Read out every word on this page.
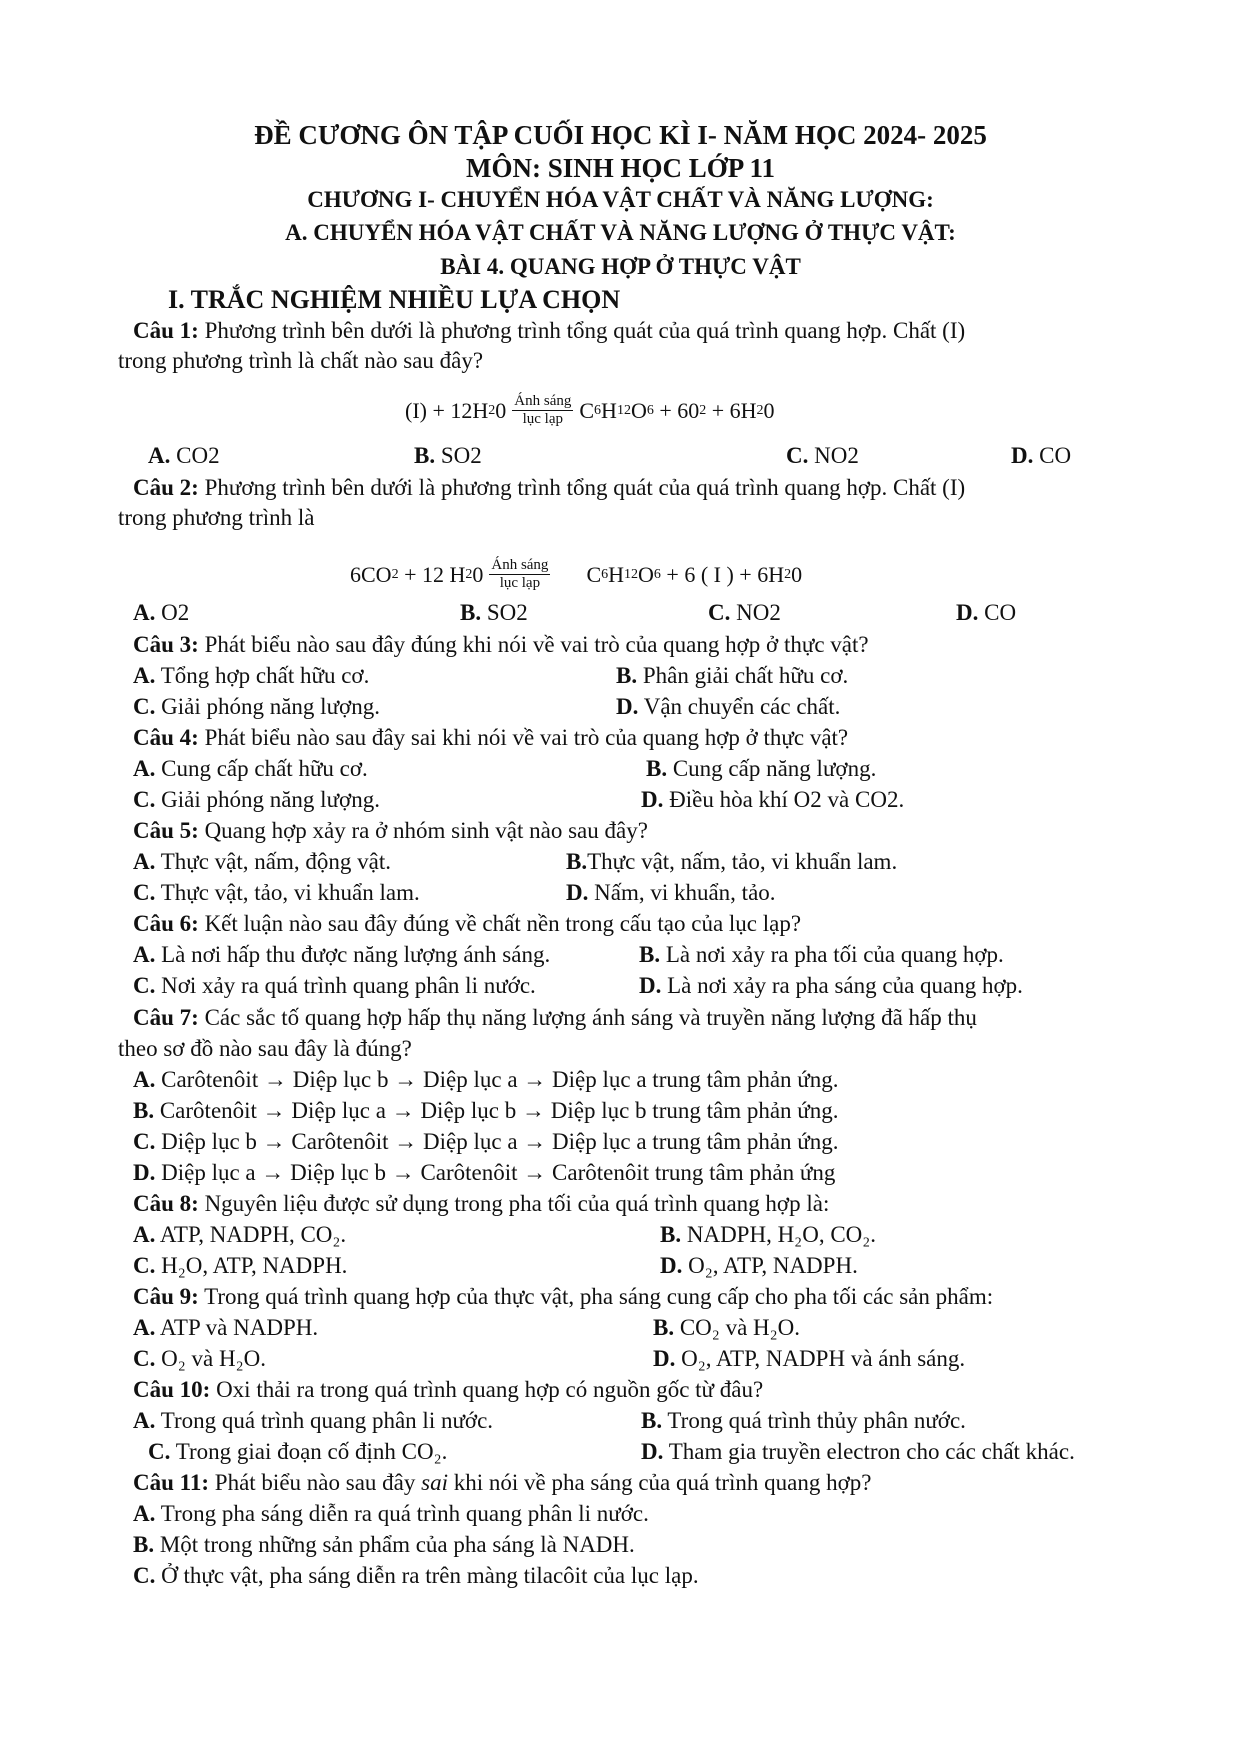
ĐỀ CƯƠNG ÔN TẬP CUỐI HỌC KÌ I- NĂM HỌC 2024- 2025
MÔN: SINH HỌC LỚP 11
CHƯƠNG I- CHUYỂN HÓA VẬT CHẤT VÀ NĂNG LƯỢNG:
A. CHUYỂN HÓA VẬT CHẤT VÀ NĂNG LƯỢNG Ở THỰC VẬT:
BÀI 4. QUANG HỢP Ở THỰC VẬT
I. TRẮC NGHIỆM NHIỀU LỰA CHỌN
Câu 1: Phương trình bên dưới là phương trình tổng quát của quá trình quang hợp. Chất (I)
trong phương trình là chất nào sau đây?
(I) + 12H 2 $0 \frac{\text{Ánh sáng}}{\text{lục lạp}}$ C 6 H 12 O 6 + 60 2 + 6H 2 0
A. CO2	B. SO2	C. NO2	D. CO
Câu 2: Phương trình bên dưới là phương trình tổng quát của quá trình quang hợp. Chất (I)
trong phương trình là
6CO 2 + 12 H 2 $0 \frac{\text{Ánh sáng}}{\text{lục lạp}}$ C 6 H 12 O 6 + 6 ( I ) + 6H 2 0
A. O2	B. SO2	C. NO2	D. CO
Câu 3: Phát biểu nào sau đây đúng khi nói về vai trò của quang hợp ở thực vật?
A. Tổng hợp chất hữu cơ.	B. Phân giải chất hữu cơ.
C. Giải phóng năng lượng.	D. Vận chuyển các chất.
Câu 4: Phát biểu nào sau đây sai khi nói về vai trò của quang hợp ở thực vật?
A. Cung cấp chất hữu cơ.	B. Cung cấp năng lượng.
C. Giải phóng năng lượng.	D. Điều hòa khí O2 và CO2.
Câu 5: Quang hợp xảy ra ở nhóm sinh vật nào sau đây?
A. Thực vật, nấm, động vật.	B.Thực vật, nấm, tảo, vi khuẩn lam.
C. Thực vật, tảo, vi khuẩn lam.	D. Nấm, vi khuẩn, tảo.
Câu 6: Kết luận nào sau đây đúng về chất nền trong cấu tạo của lục lạp?
A. Là nơi hấp thu được năng lượng ánh sáng.	B. Là nơi xảy ra pha tối của quang hợp.
C. Nơi xảy ra quá trình quang phân li nước.	D. Là nơi xảy ra pha sáng của quang hợp.
Câu 7: Các sắc tố quang hợp hấp thụ năng lượng ánh sáng và truyền năng lượng đã hấp thụ
theo sơ đồ nào sau đây là đúng?
A. Carôtenôit → Diệp lục b → Diệp lục a → Diệp lục a trung tâm phản ứng.
B. Carôtenôit → Diệp lục a → Diệp lục b → Diệp lục b trung tâm phản ứng.
C. Diệp lục b → Carôtenôit → Diệp lục a → Diệp lục a trung tâm phản ứng.
D. Diệp lục a → Diệp lục b → Carôtenôit → Carôtenôit trung tâm phản ứng
Câu 8: Nguyên liệu được sử dụng trong pha tối của quá trình quang hợp là:
A. ATP, NADPH, CO₂.	B. NADPH, H₂O, CO₂.
C. H₂O, ATP, NADPH.	D. O₂, ATP, NADPH.
Câu 9: Trong quá trình quang hợp của thực vật, pha sáng cung cấp cho pha tối các sản phẩm:
A. ATP và NADPH.	B. CO₂ và H₂O.
C. O₂ và H₂O.	D. O₂, ATP, NADPH và ánh sáng.
Câu 10: Oxi thải ra trong quá trình quang hợp có nguồn gốc từ đâu?
A. Trong quá trình quang phân li nước.	B. Trong quá trình thủy phân nước.
C. Trong giai đoạn cố định CO₂.	D. Tham gia truyền electron cho các chất khác.
Câu 11: Phát biểu nào sau đây sai khi nói về pha sáng của quá trình quang hợp?
A. Trong pha sáng diễn ra quá trình quang phân li nước.
B. Một trong những sản phẩm của pha sáng là NADH.
C. Ở thực vật, pha sáng diễn ra trên màng tilacôit của lục lạp.
